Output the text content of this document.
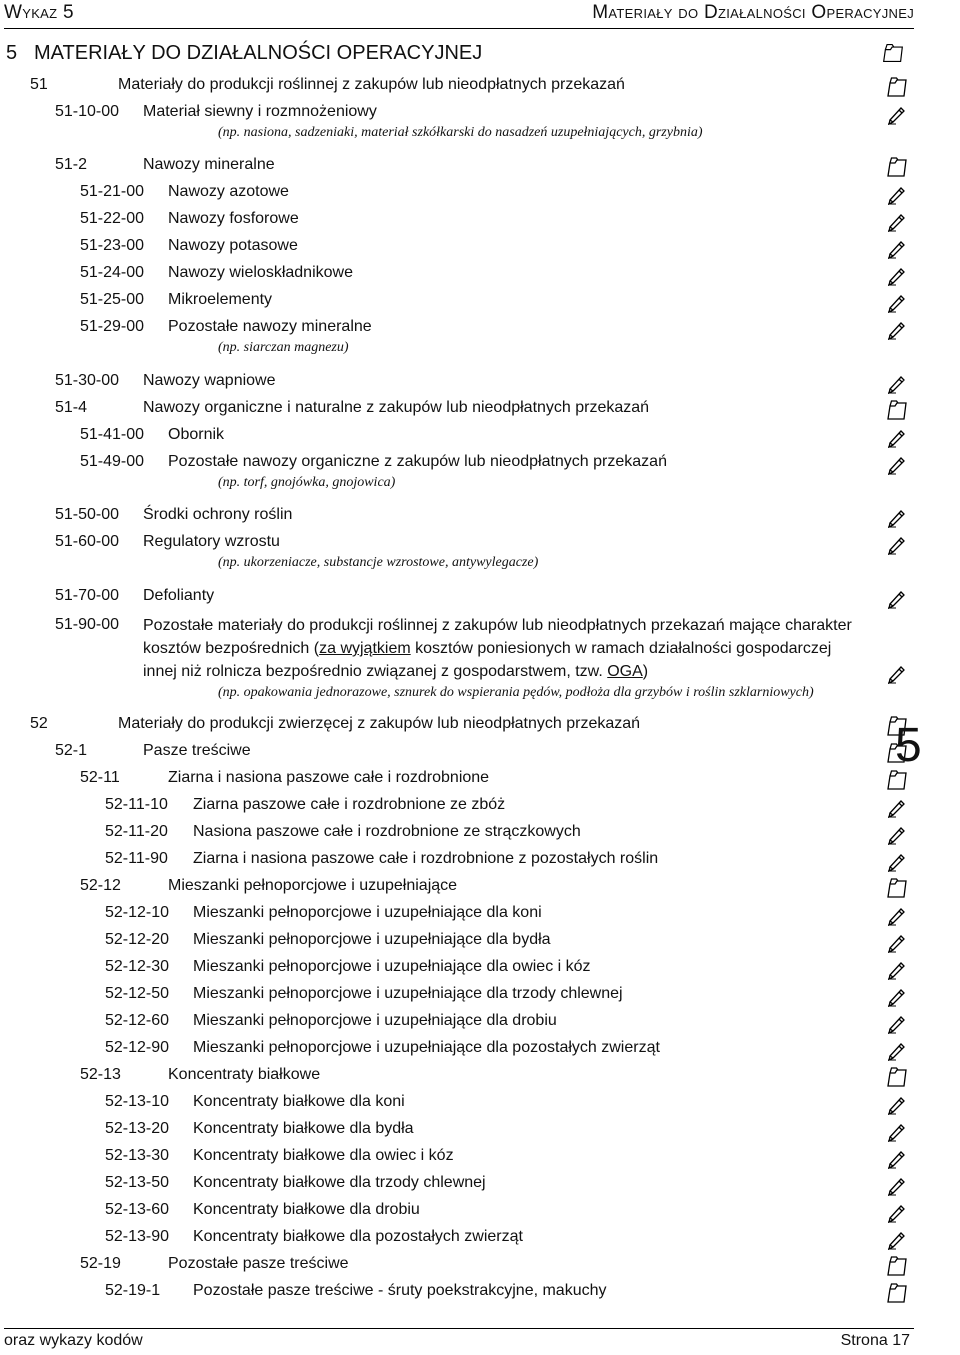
Wykaz 5	Materiały do Działalności Operacyjnej
5 MATERIAŁY DO DZIAŁALNOŚCI OPERACYJNEJ
51	Materiały do produkcji roślinnej z zakupów lub nieodpłatnych przekazań
51-10-00 Materiał siewny i rozmnożeniowy
(np. nasiona, sadzeniaki, materiał szkółkarski do nasadzeń uzupełniających, grzybnia)
51-2	Nawozy mineralne
51-21-00 Nawozy azotowe
51-22-00 Nawozy fosforowe
51-23-00 Nawozy potasowe
51-24-00 Nawozy wieloskładnikowe
51-25-00 Mikroelementy
51-29-00 Pozostałe nawozy mineralne
(np. siarczan magnezu)
51-30-00 Nawozy wapniowe
51-4	Nawozy organiczne i naturalne z zakupów lub nieodpłatnych przekazań
51-41-00 Obornik
51-49-00 Pozostałe nawozy organiczne z zakupów lub nieodpłatnych przekazań
(np. torf, gnojówka, gnojowica)
51-50-00 Środki ochrony roślin
51-60-00 Regulatory wzrostu
(np. ukorzeniacze, substancje wzrostowe, antywylegacze)
51-70-00 Defolianty
51-90-00 Pozostałe materiały do produkcji roślinnej z zakupów lub nieodpłatnych przekazań mające charakter
kosztów bezpośrednich (za wyjątkiem kosztów poniesionych w ramach działalności gospodarczej
innej niż rolnicza bezpośrednio związanej z gospodarstwem, tzw. OGA)
(np. opakowania jednorazowe, sznurek do wspierania pędów, podłoża dla grzybów i roślin szklarniowych)
52	Materiały do produkcji zwierzęcej z zakupów lub nieodpłatnych przekazań
52-1	Pasze treściwe
52-11	Ziarna i nasiona paszowe całe i rozdrobnione
52-11-10 Ziarna paszowe całe i rozdrobnione ze zbóż
52-11-20 Nasiona paszowe całe i rozdrobnione ze strączkowych
52-11-90 Ziarna i nasiona paszowe całe i rozdrobnione z pozostałych roślin
52-12	Mieszanki pełnoporcjowe i uzupełniające
52-12-10 Mieszanki pełnoporcjowe i uzupełniające dla koni
52-12-20 Mieszanki pełnoporcjowe i uzupełniające dla bydła
52-12-30 Mieszanki pełnoporcjowe i uzupełniające dla owiec i kóz
52-12-50 Mieszanki pełnoporcjowe i uzupełniające dla trzody chlewnej
52-12-60 Mieszanki pełnoporcjowe i uzupełniające dla drobiu
52-12-90 Mieszanki pełnoporcjowe i uzupełniające dla pozostałych zwierząt
52-13	Koncentraty białkowe
52-13-10 Koncentraty białkowe dla koni
52-13-20 Koncentraty białkowe dla bydła
52-13-30 Koncentraty białkowe dla owiec i kóz
52-13-50 Koncentraty białkowe dla trzody chlewnej
52-13-60 Koncentraty białkowe dla drobiu
52-13-90 Koncentraty białkowe dla pozostałych zwierząt
52-19	Pozostałe pasze treściwe
52-19-1 Pozostałe pasze treściwe - śruty poekstrakcyjne, makuchy
5
oraz wykazy kodów	Strona 17
